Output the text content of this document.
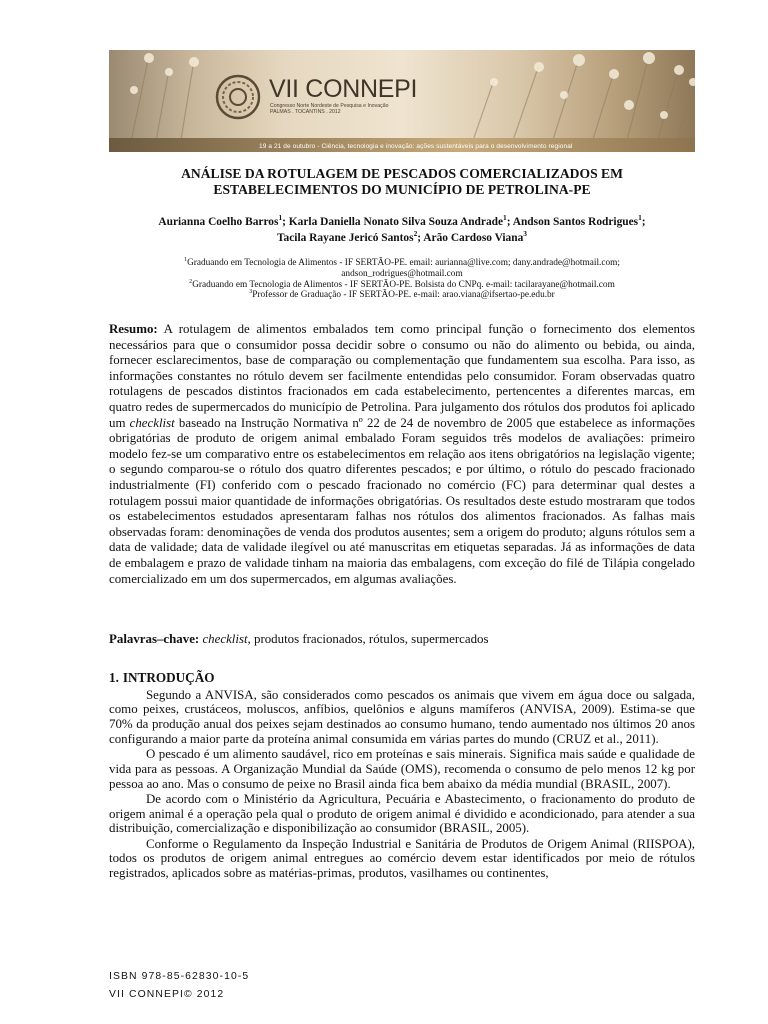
VII CONNEPI
Congresso Norte Nordeste de Pesquisa e Inovação
PALMAS . TOCANTINS . 2012
19 a 21 de outubro - Ciência, tecnologia e inovação: ações sustentáveis para o desenvolvimento regional
ANÁLISE DA ROTULAGEM DE PESCADOS COMERCIALIZADOS EM
ESTABELECIMENTOS DO MUNICÍPIO DE PETROLINA-PE
Aurianna Coelho Barros$^1$; Karla Daniella Nonato Silva Souza Andrade$^1$; Andson Santos Rodrigues$^1$;
Tacila Rayane Jericó Santos$^2$; Arão Cardoso Viana$^3$
$^1$Graduando em Tecnologia de Alimentos - IF SERTÃO-PE. email: aurianna@live.com; dany.andrade@hotmail.com;
andson_rodrigues@hotmail.com
$^2$Graduando em Tecnologia de Alimentos - IF SERTÃO-PE. Bolsista do CNPq. e-mail: tacilarayane@hotmail.com
$^3$Professor de Graduação - IF SERTÃO-PE. e-mail: arao.viana@ifsertao-pe.edu.br
Resumo: A rotulagem de alimentos embalados tem como principal função o fornecimento dos elementos necessários para que o consumidor possa decidir sobre o consumo ou não do alimento ou bebida, ou ainda, fornecer esclarecimentos, base de comparação ou complementação que fundamentem sua escolha. Para isso, as informações constantes no rótulo devem ser facilmente entendidas pelo consumidor. Foram observadas quatro rotulagens de pescados distintos fracionados em cada estabelecimento, pertencentes a diferentes marcas, em quatro redes de supermercados do município de Petrolina. Para julgamento dos rótulos dos produtos foi aplicado um checklist baseado na Instrução Normativa nº 22 de 24 de novembro de 2005 que estabelece as informações obrigatórias de produto de origem animal embalado Foram seguidos três modelos de avaliações: primeiro modelo fez-se um comparativo entre os estabelecimentos em relação aos itens obrigatórios na legislação vigente; o segundo comparou-se o rótulo dos quatro diferentes pescados; e por último, o rótulo do pescado fracionado industrialmente (FI) conferido com o pescado fracionado no comércio (FC) para determinar qual destes a rotulagem possui maior quantidade de informações obrigatórias. Os resultados deste estudo mostraram que todos os estabelecimentos estudados apresentaram falhas nos rótulos dos alimentos fracionados. As falhas mais observadas foram: denominações de venda dos produtos ausentes; sem a origem do produto; alguns rótulos sem a data de validade; data de validade ilegível ou até manuscritas em etiquetas separadas. Já as informações de data de embalagem e prazo de validade tinham na maioria das embalagens, com exceção do filé de Tilápia congelado comercializado em um dos supermercados, em algumas avaliações.
Palavras–chave: checklist, produtos fracionados, rótulos, supermercados
1. INTRODUÇÃO

Segundo a ANVISA, são considerados como pescados os animais que vivem em água doce ou salgada, como peixes, crustáceos, moluscos, anfíbios, quelônios e alguns mamíferos (ANVISA, 2009). Estima-se que 70% da produção anual dos peixes sejam destinados ao consumo humano, tendo aumentado nos últimos 20 anos configurando a maior parte da proteína animal consumida em várias partes do mundo (CRUZ et al., 2011).

O pescado é um alimento saudável, rico em proteínas e sais minerais. Significa mais saúde e qualidade de vida para as pessoas. A Organização Mundial da Saúde (OMS), recomenda o consumo de pelo menos 12 kg por pessoa ao ano. Mas o consumo de peixe no Brasil ainda fica bem abaixo da média mundial (BRASIL, 2007).

De acordo com o Ministério da Agricultura, Pecuária e Abastecimento, o fracionamento do produto de origem animal é a operação pela qual o produto de origem animal é dividido e acondicionado, para atender a sua distribuição, comercialização e disponibilização ao consumidor (BRASIL, 2005).

Conforme o Regulamento da Inspeção Industrial e Sanitária de Produtos de Origem Animal (RIISPOA), todos os produtos de origem animal entregues ao comércio devem estar identificados por meio de rótulos registrados, aplicados sobre as matérias-primas, produtos, vasilhames ou continentes,

ISBN 978-85-62830-10-5
VII CONNEPI© 2012
